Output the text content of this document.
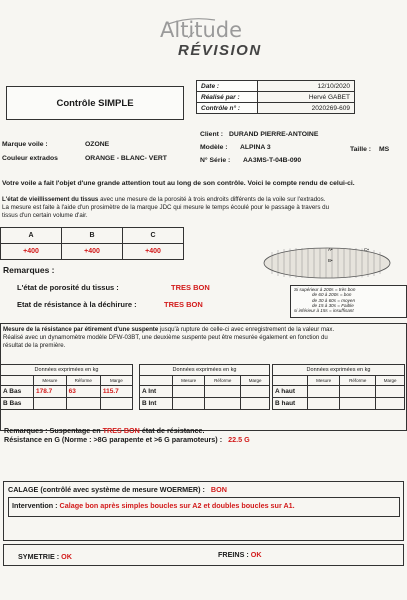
Altitude
RÉVISION
Date :	12/10/2020
Réalisé par :	Hervé GABET
Contrôle n° :	2020269-609
Contrôle SIMPLE
Client : DURAND PIERRE-ANTOINE
Marque voile :	OZONE	Modèle : ALPINA 3	Taille : MS
Couleur extrados	ORANGE - BLANC- VERT	N° Série : AA3MS-T-04B-090
Votre voile a fait l'objet d'une grande attention tout au long de son contrôle. Voici le compte rendu de celui-ci.
L'état de vieillissement du tissus avec une mesure de la porosité à trois endroits différents de la voile sur l'extrados.
La mesure est faite à l'aide d'un prosimètre de la marque JDC qui mesure le temps écoulé pour le passage à travers du
tissus d'un certain volume d'air.
A	B	C
+400	+400	+400	A•	C•
B•
Remarques :
L'état de porosité du tissus :	TRES BON
Etat de résistance à la déchirure :	TRES BON
Si supérieur à 200s = très bon
de 60 à 200s = bon
de 30 à 60s = moyen
de 15 à 30s = Faible
si inférieur à 15s = insuffisant
Mesure de la résistance par étirement d'une suspente jusqu'à rupture de celle-ci avec enregistrement de la valeur max.
Réalisé avec un dynamomètre modèle DFW-03BT, une deuxième suspente peut être mesurée également en fonction du
résultat de la première.
Données exprimées en kg			
	Mesure	Réforme	Marge
A Bas	178.7	63	115.7
B Bas			
Données exprimées en kg			
	Mesure	Réforme	Marge
A Int			
B Int			
Données exprimées en kg			
	Mesure	Réforme	Marge
A haut			
B haut			
Remarques : Suspentage en TRES BON état de résistance.
Résistance en G (Norme : >8G parapente et >6 G paramoteurs) : 22.5 G
CALAGE (contrôlé avec système de mesure WOERMER) : BON
Intervention : Calage bon après simples boucles sur A2 et doubles boucles sur A1.
SYMETRIE : OK	FREINS : OK
